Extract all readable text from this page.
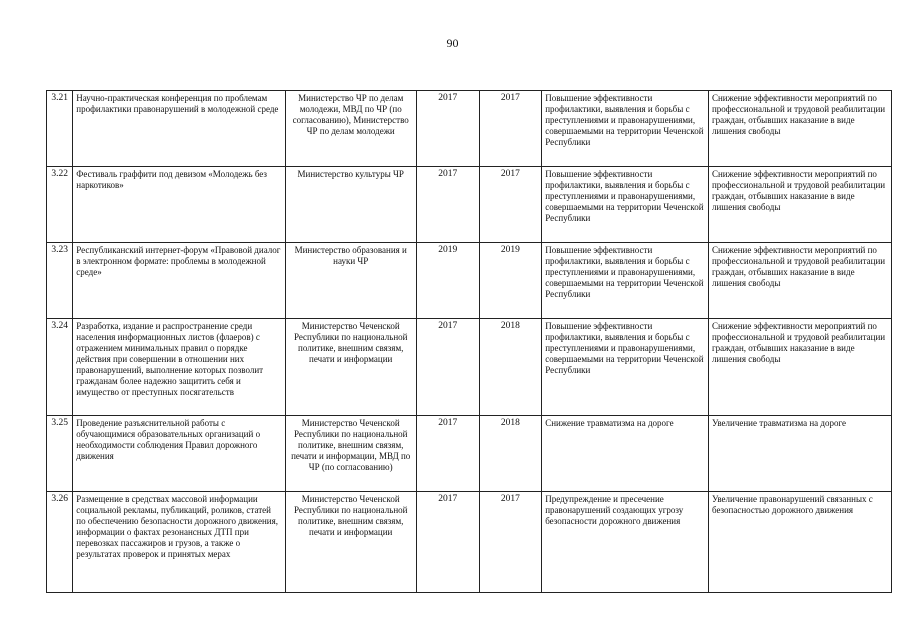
90
3.21	Научно-практическая конференция по проблемам профилактики правонарушений в молодежной среде	Министерство ЧР по делам молодежи, МВД по ЧР (по согласованию), Министерство ЧР по делам молодежи	2017	2017	Повышение эффективности профилактики, выявления и борьбы с преступлениями и правонарушениями, совершаемыми на территории Чеченской Республики	Снижение эффективности мероприятий по профессиональной и трудовой реабилитации граждан, отбывших наказание в виде лишения свободы
3.22	Фестиваль граффити под девизом «Молодежь без наркотиков»	Министерство культуры ЧР	2017	2017	Повышение эффективности профилактики, выявления и борьбы с преступлениями и правонарушениями, совершаемыми на территории Чеченской Республики	Снижение эффективности мероприятий по профессиональной и трудовой реабилитации граждан, отбывших наказание в виде лишения свободы
3.23	Республиканский интернет-форум «Правовой диалог в электронном формате: проблемы в молодежной среде»	Министерство образования и науки ЧР	2019	2019	Повышение эффективности профилактики, выявления и борьбы с преступлениями и правонарушениями, совершаемыми на территории Чеченской Республики	Снижение эффективности мероприятий по профессиональной и трудовой реабилитации граждан, отбывших наказание в виде лишения свободы
3.24	Разработка, издание и распространение среди населения информационных листов (флаеров) с отражением минимальных правил о порядке действия при совершении в отношении них правонарушений, выполнение которых позволит гражданам более надежно защитить себя и имущество от преступных посягательств	Министерство Чеченской Республики по национальной политике, внешним связям, печати и информации	2017	2018	Повышение эффективности профилактики, выявления и борьбы с преступлениями и правонарушениями, совершаемыми на территории Чеченской Республики	Снижение эффективности мероприятий по профессиональной и трудовой реабилитации граждан, отбывших наказание в виде лишения свободы
3.25	Проведение разъяснительной работы с обучающимися образовательных организаций о необходимости соблюдения Правил дорожного движения	Министерство Чеченской Республики по национальной политике, внешним связям, печати и информации, МВД по ЧР (по согласованию)	2017	2018	Снижение травматизма на дороге	Увеличение травматизма на дороге
3.26	Размещение в средствах массовой информации социальной рекламы, публикаций, роликов, статей по обеспечению безопасности дорожного движения, информации о фактах резонансных ДТП при перевозках пассажиров и грузов, а также о результатах проверок и принятых мерах	Министерство Чеченской Республики по национальной политике, внешним связям, печати и информации	2017	2017	Предупреждение и пресечение правонарушений создающих угрозу безопасности дорожного движения	Увеличение правонарушений связанных с безопасностью дорожного движения
